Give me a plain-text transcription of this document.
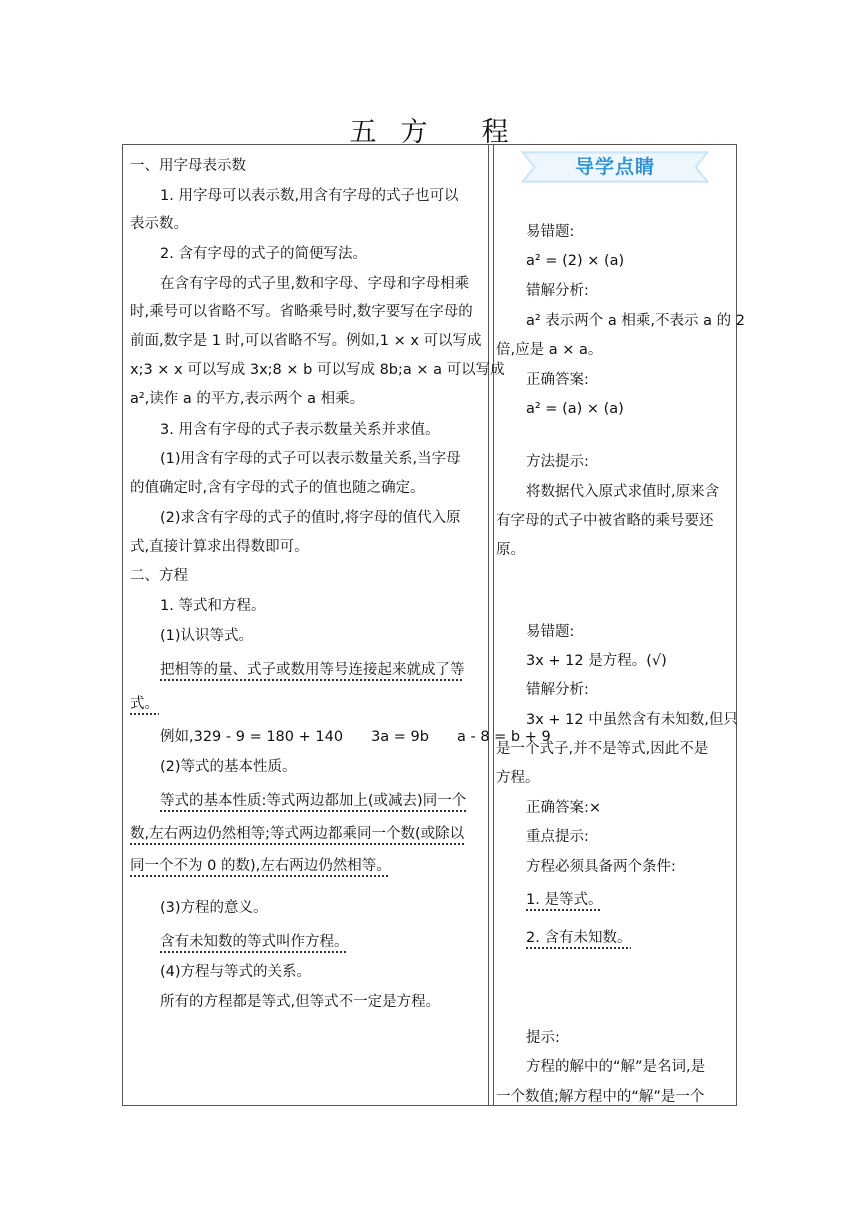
五 方 程
一、用字母表示数
1. 用字母可以表示数,用含有字母的式子也可以
表示数。
2. 含有字母的式子的简便写法。
在含有字母的式子里,数和字母、字母和字母相乘
时,乘号可以省略不写。省略乘号时,数字要写在字母的
前面,数字是 1 时,可以省略不写。例如,1 × x 可以写成
x;3 × x 可以写成 3x;8 × b 可以写成 8b;a × a 可以写成
a²,读作 a 的平方,表示两个 a 相乘。
3. 用含有字母的式子表示数量关系并求值。
(1)用含有字母的式子可以表示数量关系,当字母
的值确定时,含有字母的式子的值也随之确定。
(2)求含有字母的式子的值时,将字母的值代入原
式,直接计算求出得数即可。
二、方程
1. 等式和方程。
(1)认识等式。
把相等的量、式子或数用等号连接起来就成了等
式。
例如,329 - 9 = 180 + 140 3a = 9b a - 8 = b + 9
(2)等式的基本性质。
等式的基本性质:等式两边都加上(或减去)同一个
数,左右两边仍然相等;等式两边都乘同一个数(或除以
同一个不为 0 的数),左右两边仍然相等。
(3)方程的意义。
含有未知数的等式叫作方程。
(4)方程与等式的关系。
所有的方程都是等式,但等式不一定是方程。
导学点睛
易错题:
a² = (2) × (a)
错解分析:
a² 表示两个 a 相乘,不表示 a 的 2
倍,应是 a × a。
正确答案:
a² = (a) × (a)
方法提示:
将数据代入原式求值时,原来含
有字母的式子中被省略的乘号要还
原。
易错题:
3x + 12 是方程。(√)
错解分析:
3x + 12 中虽然含有未知数,但只
是一个式子,并不是等式,因此不是
方程。
正确答案:×
重点提示:
方程必须具备两个条件:
1. 是等式。
2. 含有未知数。
提示:
方程的解中的“解”是名词,是
一个数值;解方程中的“解”是一个
